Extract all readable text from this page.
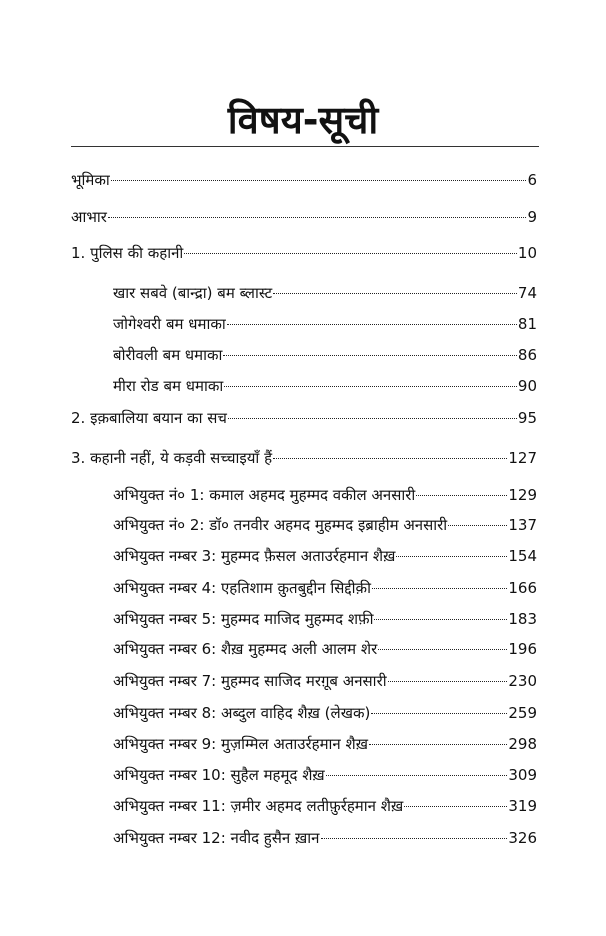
विषय-सूची
भूमिका	6
आभार	9
1. पुलिस की कहानी	10
खार सबवे (बान्द्रा) बम ब्लास्ट	74
जोगेश्वरी बम धमाका	81
बोरीवली बम धमाका	86
मीरा रोड बम धमाका	90
2. इक़बालिया बयान का सच	95
3. कहानी नहीं, ये कड़वी सच्चाइयाँ हैं	127
अभियुक्त नं० 1: कमाल अहमद मुहम्मद वकील अनसारी	129
अभियुक्त नं० 2: डॉ० तनवीर अहमद मुहम्मद इब्राहीम अनसारी	137
अभियुक्त नम्बर 3: मुहम्मद फ़ैसल अताउर्रहमान शैख़	154
अभियुक्त नम्बर 4: एहतिशाम क़ुतबुद्दीन सिद्दीक़ी	166
अभियुक्त नम्बर 5: मुहम्मद माजिद मुहम्मद शफ़ी	183
अभियुक्त नम्बर 6: शैख़ मुहम्मद अली आलम शेर	196
अभियुक्त नम्बर 7: मुहम्मद साजिद मरग़ूब अनसारी	230
अभियुक्त नम्बर 8: अब्दुल वाहिद शैख़ (लेखक)	259
अभियुक्त नम्बर 9: मुज़म्मिल अताउर्रहमान शैख़	298
अभियुक्त नम्बर 10: सुहैल महमूद शैख़	309
अभियुक्त नम्बर 11: ज़मीर अहमद लतीफ़ुर्रहमान शैख़	319
अभियुक्त नम्बर 12: नवीद हुसैन ख़ान	326
